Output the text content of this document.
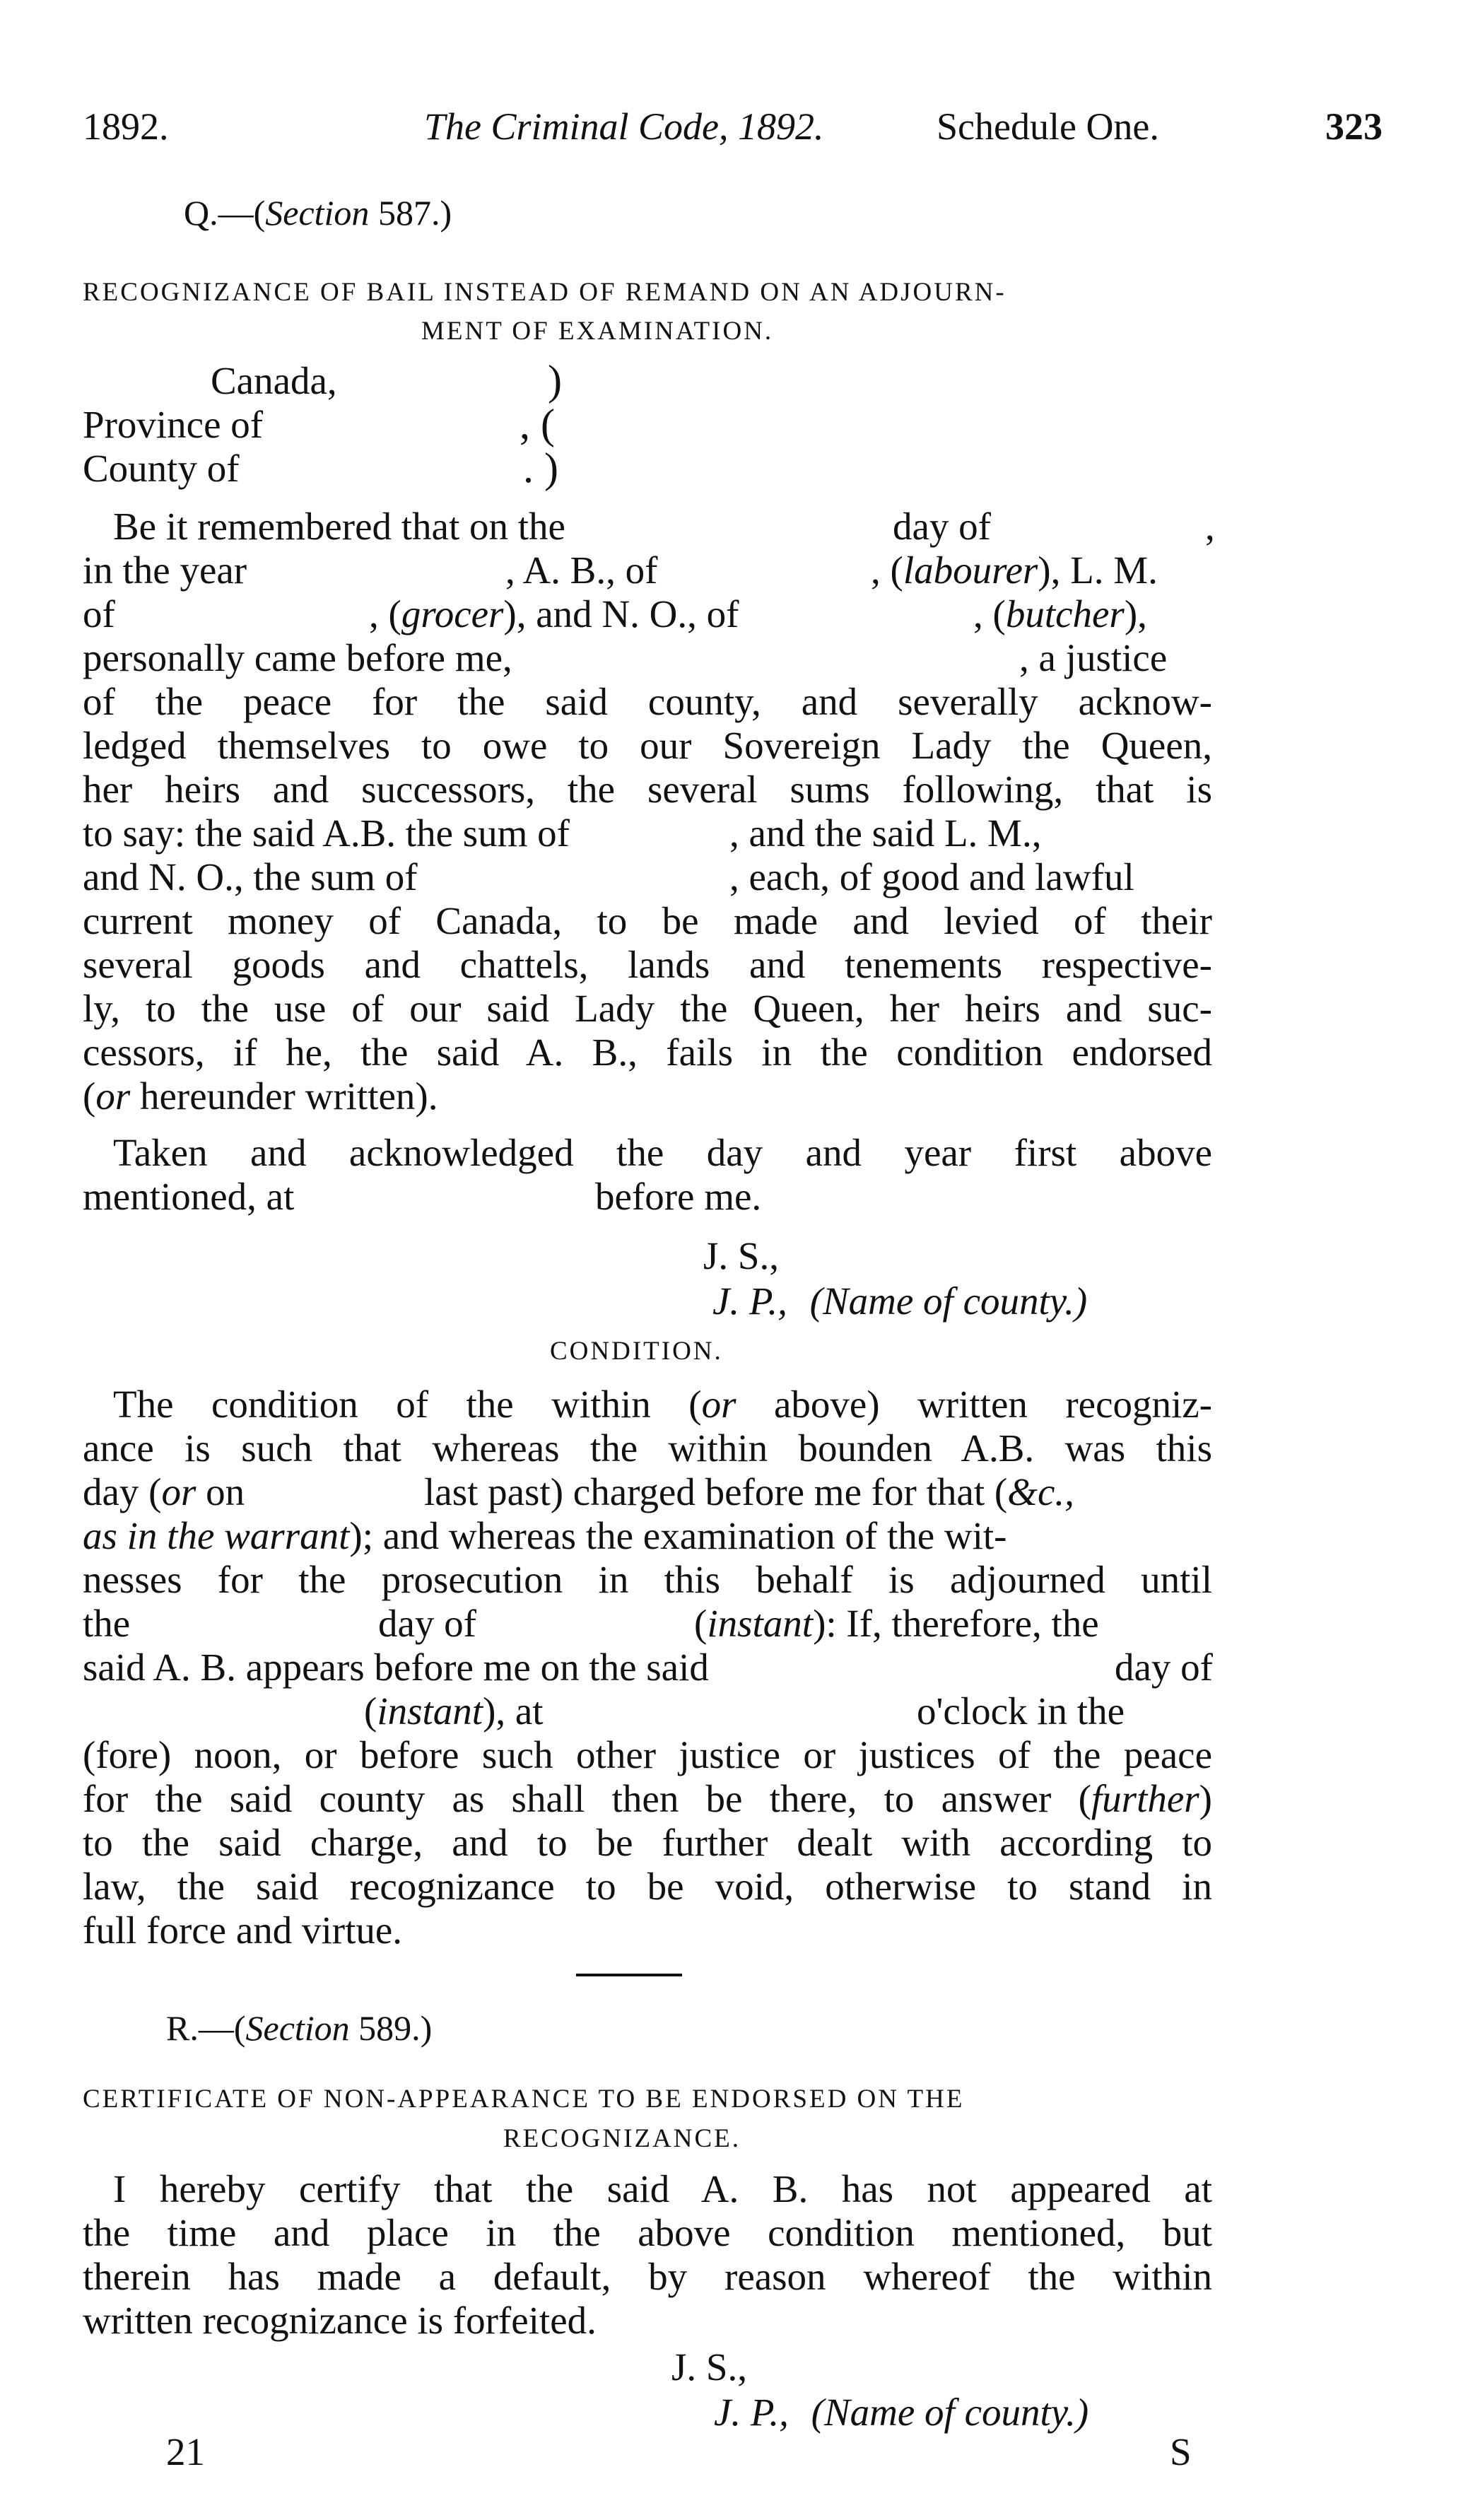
1892.	The Criminal Code, 1892.	Schedule One.	323
Q.—(Section 587.)
RECOGNIZANCE OF BAIL INSTEAD OF REMAND ON AN ADJOURN-
MENT OF EXAMINATION.
Canada,
Province of
County of
)
, (
. )
Be it remembered that on the	day of	,
in the year	, A. B., of	, (labourer), L. M.
of	, (grocer), and N. O., of	, (butcher),
personally came before me,	, a justice
of the peace for the said county, and severally acknow-
ledged themselves to owe to our Sovereign Lady the Queen,
her heirs and successors, the several sums following, that is
to say: the said A.B. the sum of	, and the said L. M.,
and N. O., the sum of	, each, of good and lawful
current money of Canada, to be made and levied of their
several goods and chattels, lands and tenements respective-
ly, to the use of our said Lady the Queen, her heirs and suc-
cessors, if he, the said A. B., fails in the condition endorsed
(or hereunder written).
Taken and acknowledged the day and year first above
mentioned, at	before me.
J. S.,
J. P., (Name of county.)
CONDITION.
The condition of the within (or above) written recogniz-
ance is such that whereas the within bounden A.B. was this
day (or on	last past) charged before me for that (&c.,
as in the warrant); and whereas the examination of the wit-
nesses for the prosecution in this behalf is adjourned until
the	day of	(instant): If, therefore, the
said A. B. appears before me on the said	day of
(instant), at	o'clock in the
(fore) noon, or before such other justice or justices of the peace
for the said county as shall then be there, to answer (further)
to the said charge, and to be further dealt with according to
law, the said recognizance to be void, otherwise to stand in
full force and virtue.
R.—(Section 589.)
CERTIFICATE OF NON-APPEARANCE TO BE ENDORSED ON THE
RECOGNIZANCE.
I hereby certify that the said A. B. has not appeared at
the time and place in the above condition mentioned, but
therein has made a default, by reason whereof the within
written recognizance is forfeited.
J. S.,
J. P., (Name of county.)
21	S
